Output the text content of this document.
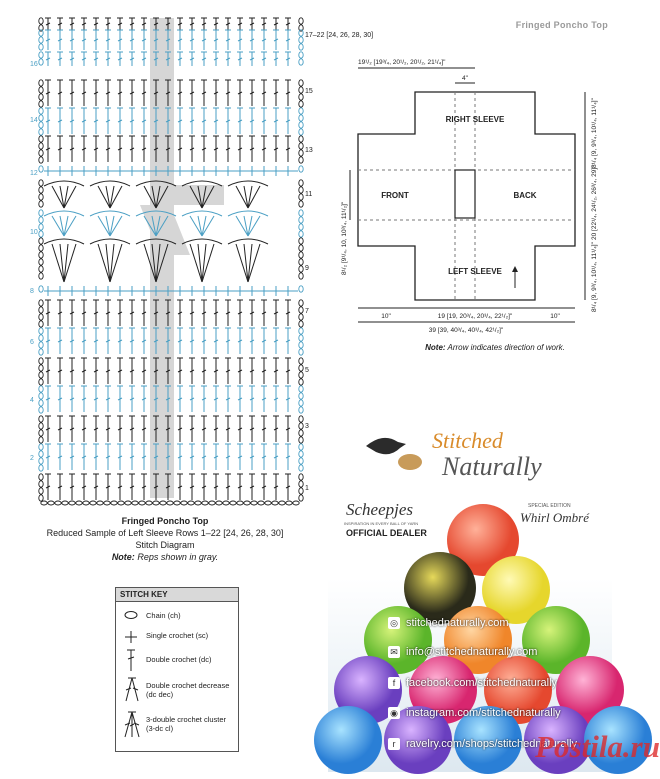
Fringed Poncho Top
15
13
11
9
7
5
3
1
16
14
12
10
8
6
4
2
17–22 [24, 26, 28, 30]
Fringed Poncho Top
Reduced Sample of Left Sleeve Rows 1–22 [24, 26, 28, 30]
Stitch Diagram
Note: Reps shown in gray.
RIGHT SLEEVE
FRONT	BACK
LEFT SLEEVE
19¹/₂ [19³/₄, 20¹/₂, 20¹/₂, 21¹/₄]"
4"
8¹/₂ [9¹/₄, 10, 10³/₄, 11¹/₂]"
8¹/₄ [9, 9³/₄, 10¹/₄, 11¹/₄]"
20 [22¹/₄, 24¹/₂, 26³/₄, 29]"
8¹/₄ [9, 9³/₄, 10¹/₄, 11¹/₄]"
10"	19 [19, 20³/₄, 20³/₄, 22¹/₂]"	10"
39 [39, 40³/₄, 40³/₄, 42¹/₂]"
Note: Arrow indicates direction of work.
STITCH KEY
Chain (ch)
Single crochet (sc)
Double crochet (dc)
Double crochet decrease (dc dec)
3-double crochet cluster (3-dc cl)
Stitched
Naturally
Scheepjes
INSPIRATION IN EVERY BALL OF YARN
OFFICIAL DEALER
SPECIAL EDITION
Whirl Ombré
◎ stitchednaturally.com
✉ info@stitchednaturally.com
f facebook.com/stitchednaturally
◉ instagram.com/stitchednaturally
r ravelry.com/shops/stitchednaturally
Postila.ru
